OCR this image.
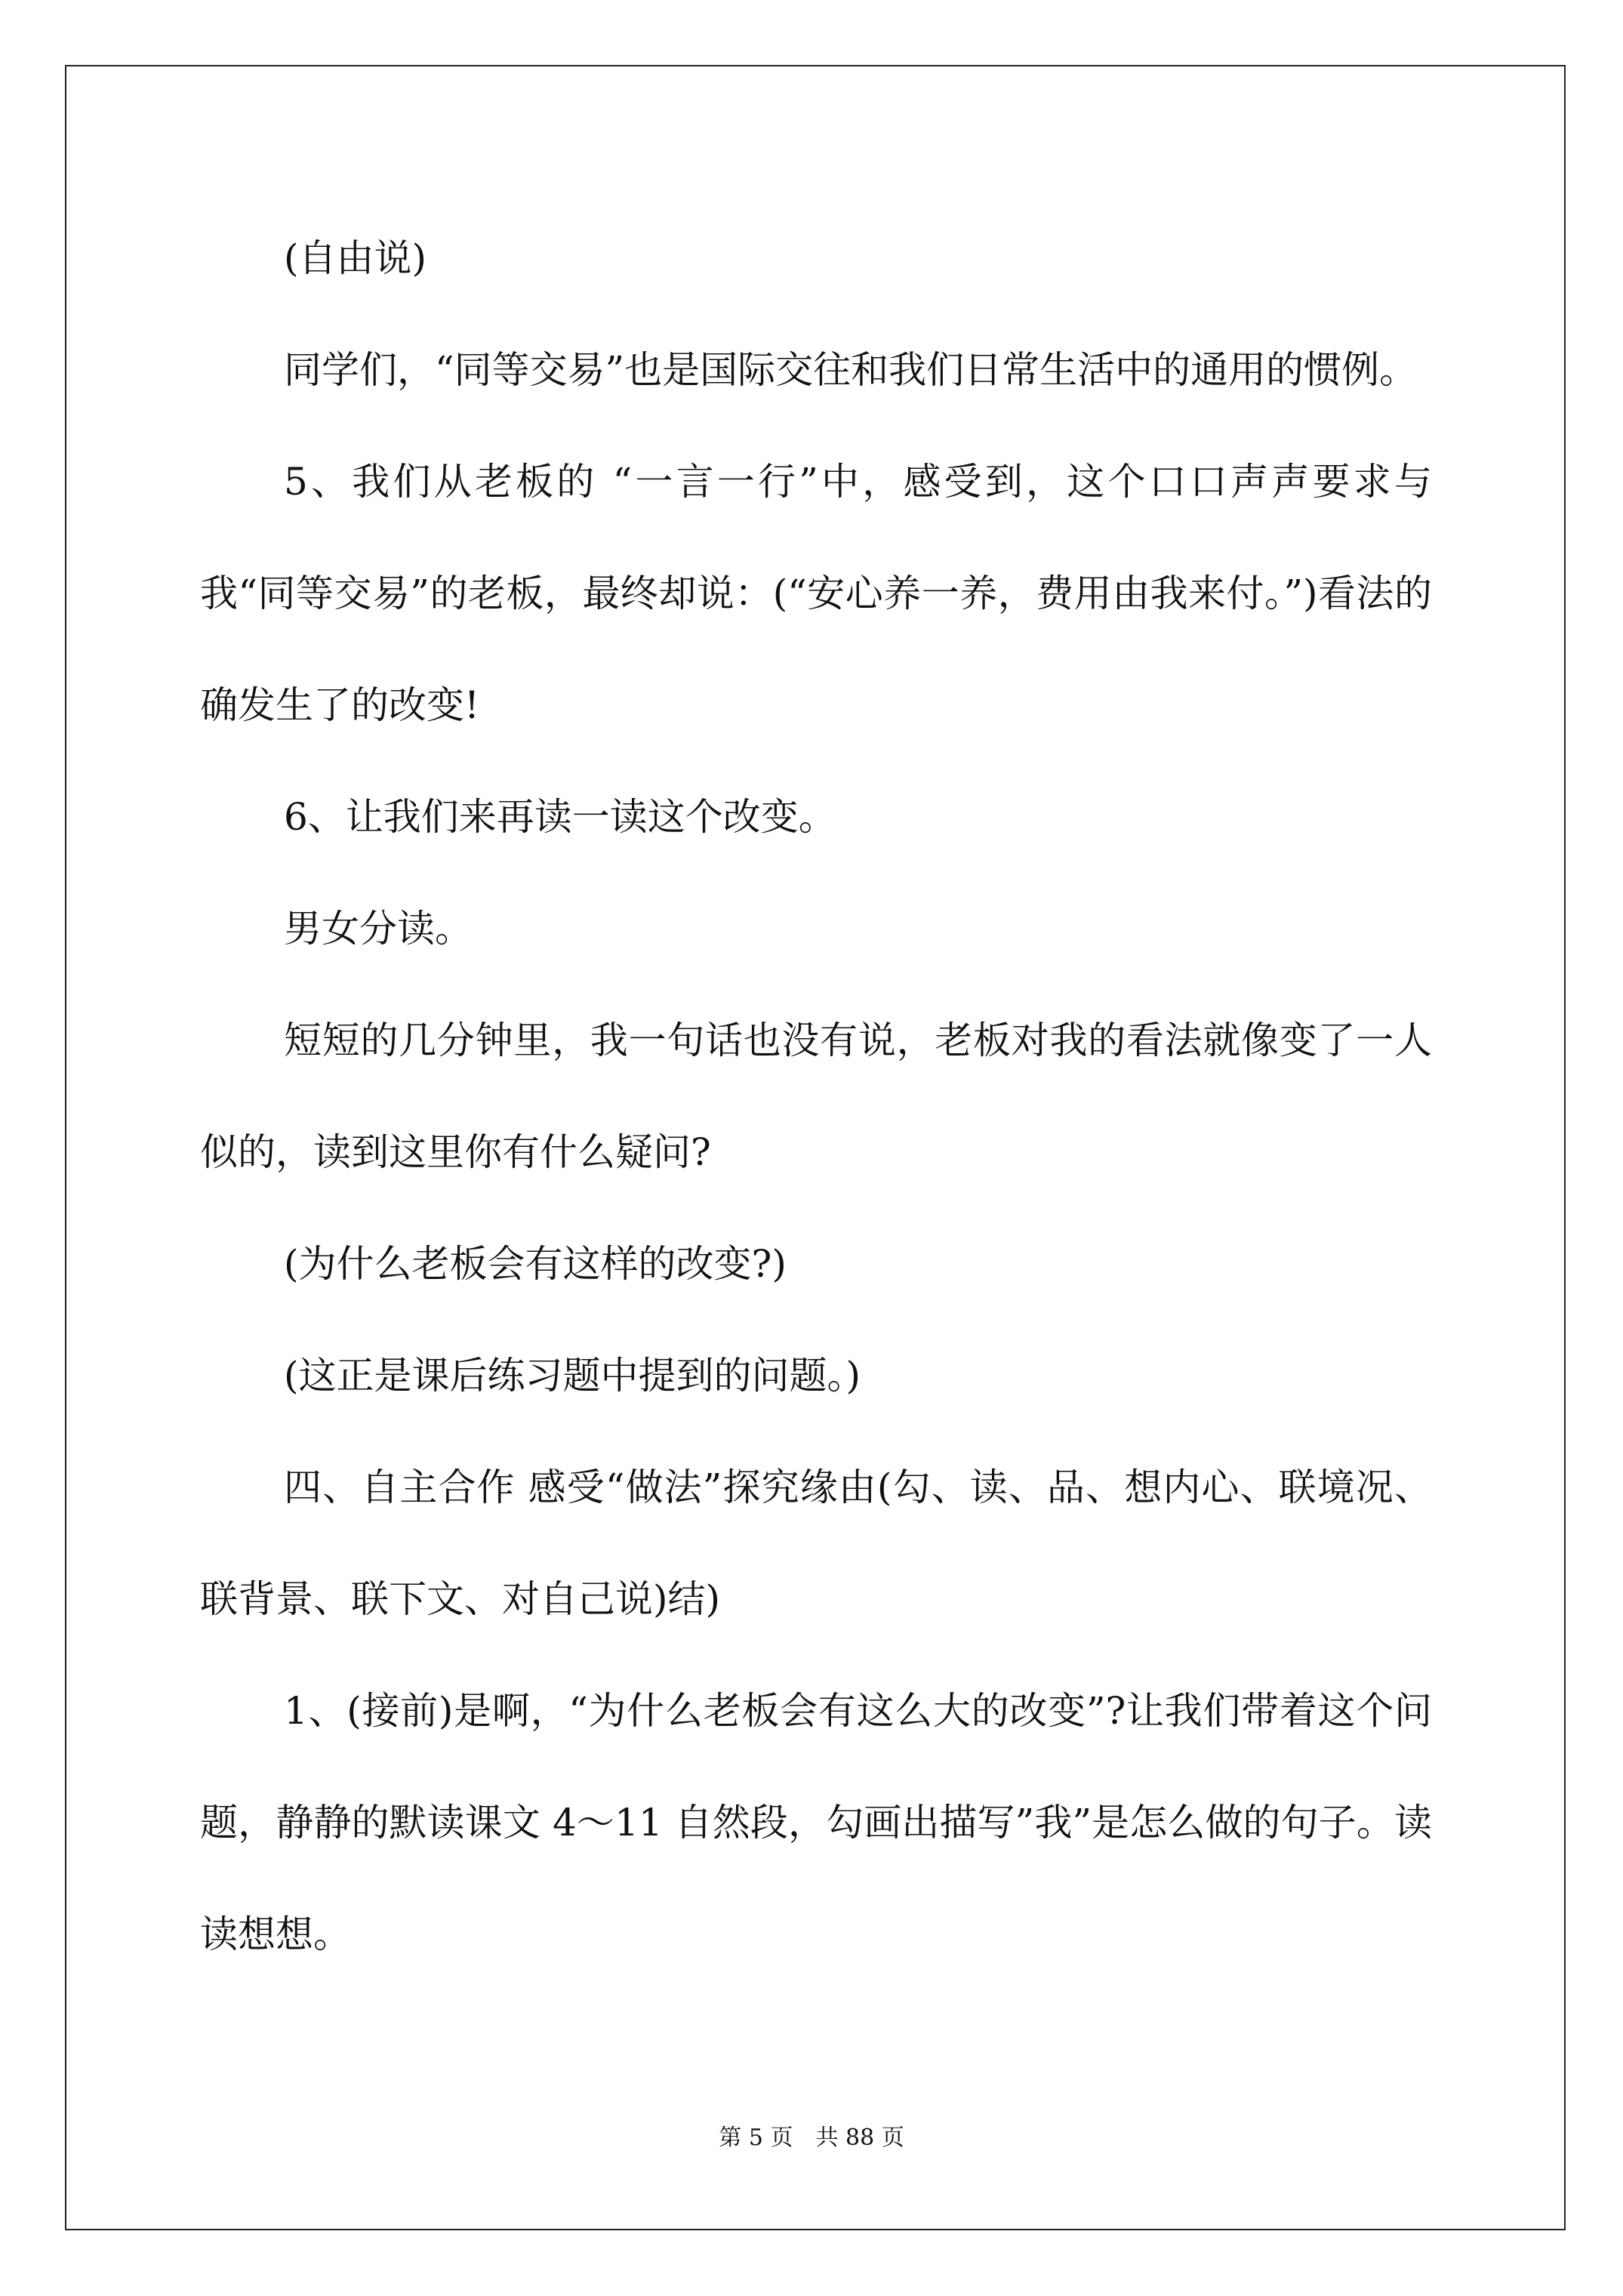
(自由说)

同学们，“同等交易”也是国际交往和我们日常生活中的通用的惯例。

5、我们从老板的 “一言一行”中，感受到，这个口口声声要求与我“同等交易”的老板，最终却说：(“安心养一养，费用由我来付。”)看法的确发生了的改变!

6、让我们来再读一读这个改变。

男女分读。

短短的几分钟里，我一句话也没有说，老板对我的看法就像变了一人似的，读到这里你有什么疑问?

(为什么老板会有这样的改变?)

(这正是课后练习题中提到的问题。)

四、自主合作 感受“做法”探究缘由(勾、读、品、想内心、联境况、联背景、联下文、对自己说)结)

1、(接前)是啊，“为什么老板会有这么大的改变”?让我们带着这个问题，静静的默读课文 4～11 自然段，勾画出描写”我”是怎么做的句子。读读想想。

第 5 页　共 88 页
